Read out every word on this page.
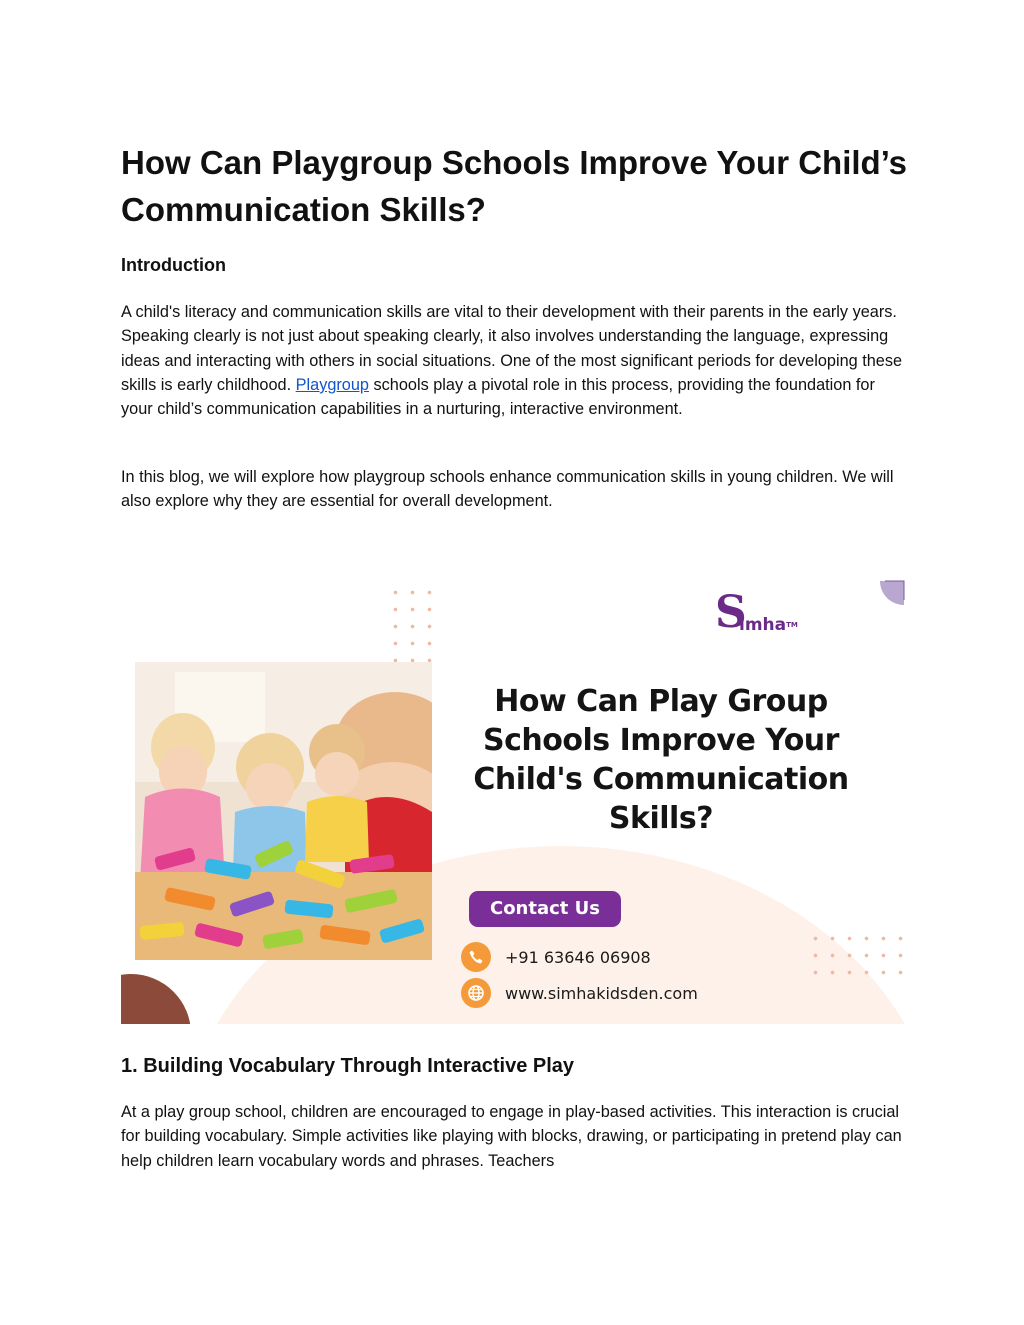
How Can Playgroup Schools Improve Your Child’s Communication Skills?
Introduction

A child's literacy and communication skills are vital to their development with their parents in the early years. Speaking clearly is not just about speaking clearly, it also involves understanding the language, expressing ideas and interacting with others in social situations. One of the most significant periods for developing these skills is early childhood. Playgroup schools play a pivotal role in this process, providing the foundation for your child’s communication capabilities in a nurturing, interactive environment.

In this blog, we will explore how playgroup schools enhance communication skills in young children. We will also explore why they are essential for overall development.

S
imha™
How Can Play Group Schools Improve Your Child's Communication Skills?
Contact Us
+91 63646 06908
www.simhakidsden.com
1. Building Vocabulary Through Interactive Play

At a play group school, children are encouraged to engage in play-based activities. This interaction is crucial for building vocabulary. Simple activities like playing with blocks, drawing, or participating in pretend play can help children learn vocabulary words and phrases. Teachers
